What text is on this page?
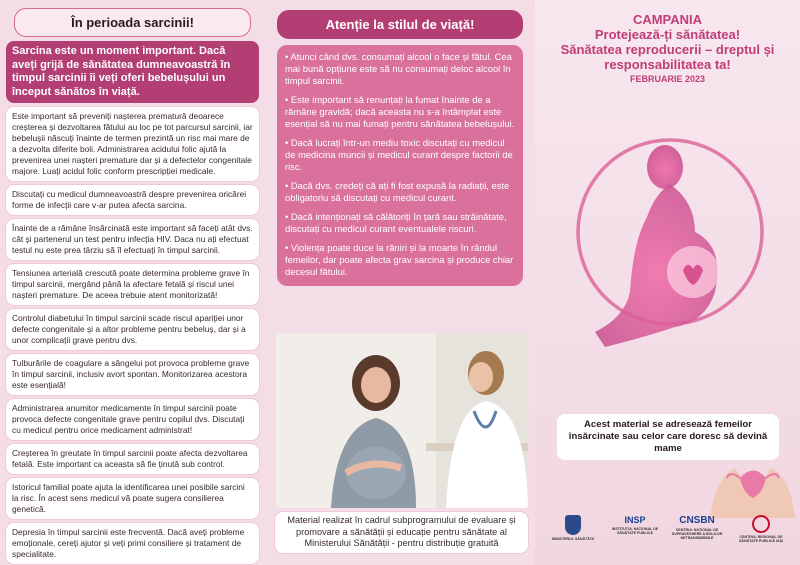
În perioada sarcinii!
Sarcina este un moment important. Dacă aveți grijă de sănătatea dumneavoastră în timpul sarcinii îi veți oferi bebelușului un început sănătos în viață.
Este important să preveniți nașterea prematură deoarece creșterea și dezvoltarea fătului au loc pe tot parcursul sarcinii, iar bebelușii născuți înainte de termen prezintă un risc mai mare de a dezvolta diferite boli. Administrarea acidului folic ajută la prevenirea unei nașteri premature dar și a defectelor congenitale majore. Luați acidul folic conform prescripției medicale.
Discutați cu medicul dumneavoastră despre prevenirea oricărei forme de infecții care v-ar putea afecta sarcina.
Înainte de a rămâne însărcinată este important să faceți atât dvs. cât și partenerul un test pentru infecția HIV. Daca nu ați efectuat testul nu este prea târziu să îl efectuați în timpul sarcinii.
Tensiunea arterială crescută poate determina probleme grave în timpul sarcinii, mergând până la afectare fetală și riscul unei nașteri premature. De aceea trebuie atent monitorizată!
Controlul diabetului în timpul sarcinii scade riscul apariției unor defecte congenitale și a altor probleme pentru bebeluș, dar și a unor complicații grave pentru dvs.
Tulburările de coagulare a sângelui pot provoca probleme grave în timpul sarcinii, inclusiv avort spontan. Monitorizarea acestora este esențială!
Administrarea anumitor medicamente în timpul sarcinii poate provoca defecte congenitale grave pentru copilul dvs. Discutați cu medicul pentru orice medicament administrat!
Creșterea în greutate în timpul sarcinii poate afecta dezvoltarea fetală. Este important ca aceasta să fie ținută sub control.
Istoricul familial poate ajuta la identificarea unei posibile sarcini la risc. În acest sens medicul vă poate sugera consilierea genetică.
Depresia în timpul sarcinii este frecventă. Dacă aveți probleme emoționale, cereți ajutor și veți primi consiliere și tratament de specialitate.
Atenție la stilul de viață!

• Atunci când dvs. consumați alcool o face și fătul. Cea mai bună opțiune este să nu consumați deloc alcool în timpul sarcinii.

• Este important să renunțați la fumat înainte de a rămâne gravidă; dacă aceasta nu s-a întâmplat este esențial să nu mai fumați pentru sănătatea bebelușului.

• Dacă lucrați într-un mediu toxic discutați cu medicul de medicina muncii și medicul curant despre factorii de risc.

• Dacă dvs. credeți că ați fi fost expusă la radiații, este obligatoriu să discutați cu medicul curant.

• Dacă intenționați să călătoriți în țară sau străinătate, discutați cu medicul curant eventualele riscuri.

• Violența poate duce la răniri și la moarte în rândul femeilor, dar poate afecta grav sarcina și produce chiar decesul fătului.

Material realizat în cadrul subprogramului de evaluare și promovare a sănătății și educație pentru sănătate al Ministerului Sănătății - pentru distribuție gratuită
CAMPANIA
Protejează-ți sănătatea!
Sănătatea reproducerii – dreptul și
responsabilitatea ta!
FEBRUARIE 2023
Acest material se adresează femeilor însărcinate sau celor care doresc să devină mame
MINISTERUL SĂNĂTĂȚII
INSP
INSTITUTUL NAȚIONAL DE SĂNĂTATE PUBLICĂ
CNSBN
CENTRUL NAȚIONAL DE SUPRAVEGHERE A BOLILOR NETRANSMISIBILE	CENTRUL REGIONAL DE SĂNĂTATE PUBLICĂ IAȘI
